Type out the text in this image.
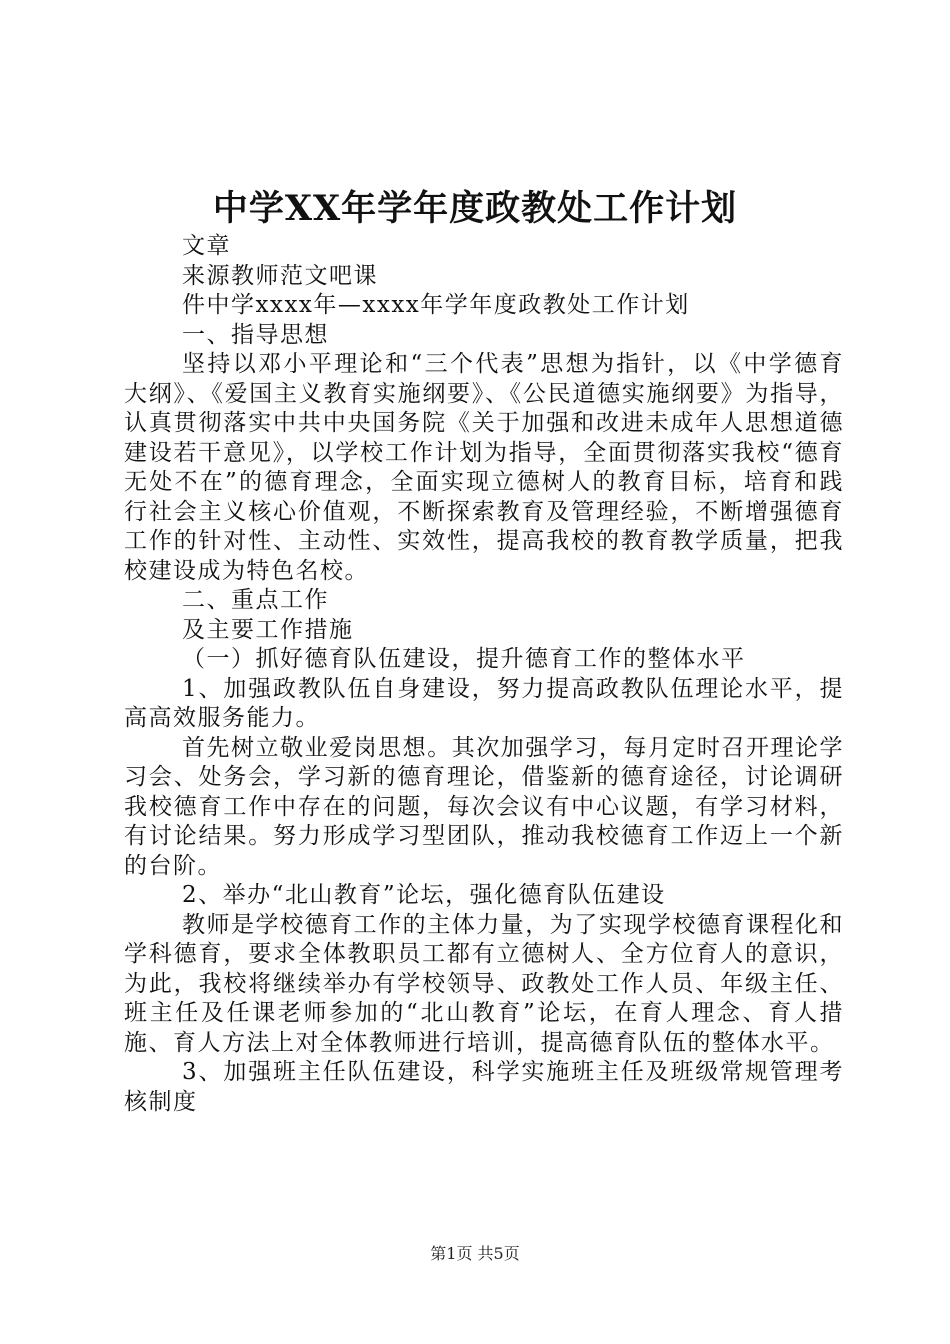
中学XX年学年度政教处工作计划

文章

来源教师范文吧课

件中学xxxx年—xxxx年学年度政教处工作计划

一、指导思想

坚持以邓小平理论和“三个代表”思想为指针，以《中学德育大纲》、《爱国主义教育实施纲要》、《公民道德实施纲要》为指导，认真贯彻落实中共中央国务院《关于加强和改进未成年人思想道德建设若干意见》，以学校工作计划为指导，全面贯彻落实我校“德育无处不在”的德育理念，全面实现立德树人的教育目标，培育和践行社会主义核心价值观，不断探索教育及管理经验，不断增强德育工作的针对性、主动性、实效性，提高我校的教育教学质量，把我校建设成为特色名校。

二、重点工作

及主要工作措施

（一）抓好德育队伍建设，提升德育工作的整体水平

1、加强政教队伍自身建设，努力提高政教队伍理论水平，提高高效服务能力。

首先树立敬业爱岗思想。其次加强学习，每月定时召开理论学习会、处务会，学习新的德育理论，借鉴新的德育途径，讨论调研我校德育工作中存在的问题，每次会议有中心议题，有学习材料，有讨论结果。努力形成学习型团队，推动我校德育工作迈上一个新的台阶。

2、举办“北山教育”论坛，强化德育队伍建设

教师是学校德育工作的主体力量，为了实现学校德育课程化和学科德育，要求全体教职员工都有立德树人、全方位育人的意识，为此，我校将继续举办有学校领导、政教处工作人员、年级主任、班主任及任课老师参加的“北山教育”论坛，在育人理念、育人措施、育人方法上对全体教师进行培训，提高德育队伍的整体水平。

3、加强班主任队伍建设，科学实施班主任及班级常规管理考核制度

第1页 共5页
